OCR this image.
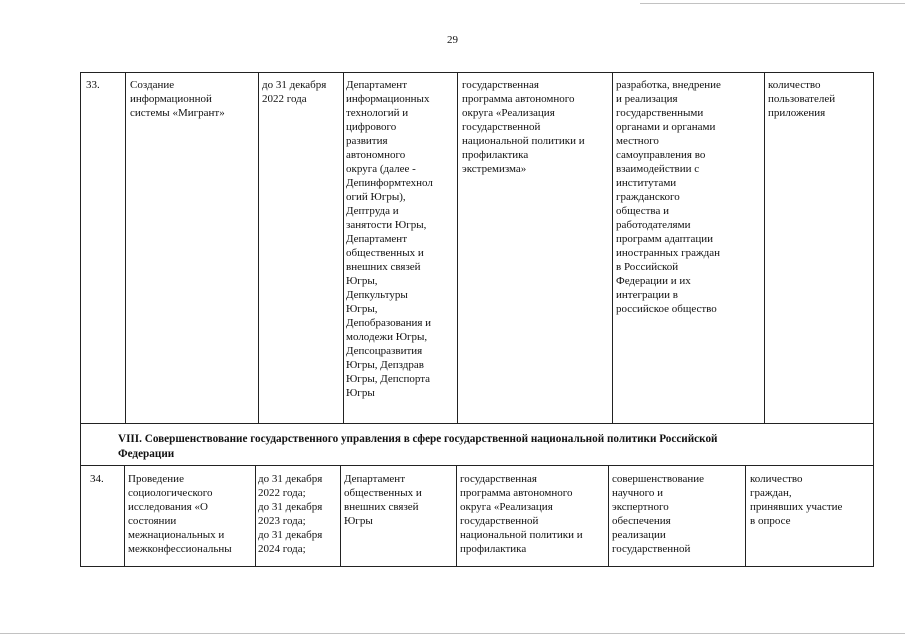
29
33.	Создание
информационной
системы «Мигрант»
до 31 декабря
2022 года
Департамент
информационных
технологий и
цифрового
развития
автономного
округа (далее -
Депинформтехнол
огий Югры),
Дептруда и
занятости Югры,
Департамент
общественных и
внешних связей
Югры,
Депкультуры
Югры,
Депобразования и
молодежи Югры,
Депсоцразвития
Югры, Депздрав
Югры, Депспорта
Югры
государственная
программа автономного
округа «Реализация
государственной
национальной политики и
профилактика
экстремизма»
разработка, внедрение
и реализация
государственными
органами и органами
местного
самоуправления во
взаимодействии с
институтами
гражданского
общества и
работодателями
программ адаптации
иностранных граждан
в Российской
Федерации и их
интеграции в
российское общество
количество
пользователей
приложения
VIII. Совершенствование государственного управления в сфере государственной национальной политики Российской
Федерации
34.	Проведение
социологического
исследования «О
состоянии
межнациональных и
межконфессиональны
до 31 декабря
2022 года;
до 31 декабря
2023 года;
до 31 декабря
2024 года;
Департамент
общественных и
внешних связей
Югры
государственная
программа автономного
округа «Реализация
государственной
национальной политики и
профилактика
совершенствование
научного и
экспертного
обеспечения
реализации
государственной
количество
граждан,
принявших участие
в опросе
